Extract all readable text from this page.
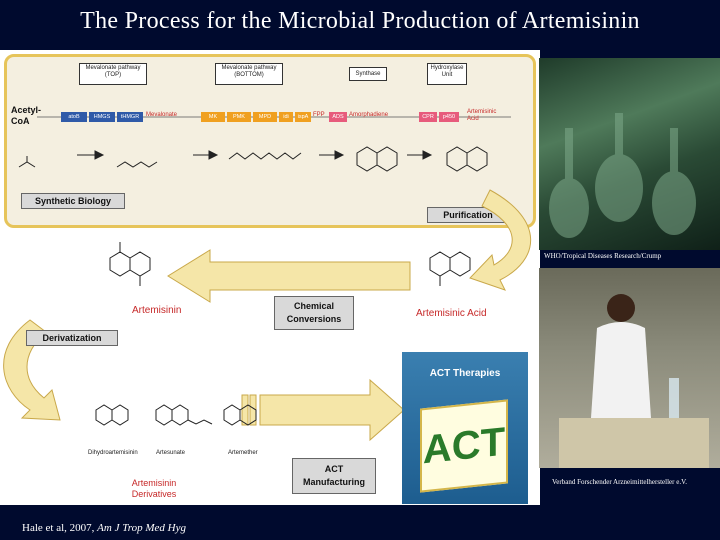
The Process for the Microbial Production of Artemisinin
Mevalonate pathway (TOP)
Mevalonate pathway (BOTTOM)	Synthase
Hydroxylase Unit
Acetyl-CoA	atoB	HMGS	tHMGR	Mevalonate	MK	PMK	MPD	idi	ispA FPP	ADS Amorphadiene	CPR	p450
Artemisinic Acid
Synthetic Biology
Purification
Artemisinin	Chemical Conversions	Artemisinic Acid
Derivatization
Dihydroartemisinin	Artesunate	Artemether
Artemisinin Derivatives
ACT Manufacturing
ACT Therapies
ACT
WHO/Tropical Diseases Research/Crump
Verband Forschender Arzneimittelhersteller e.V.
Hale et al, 2007, Am J Trop Med Hyg
